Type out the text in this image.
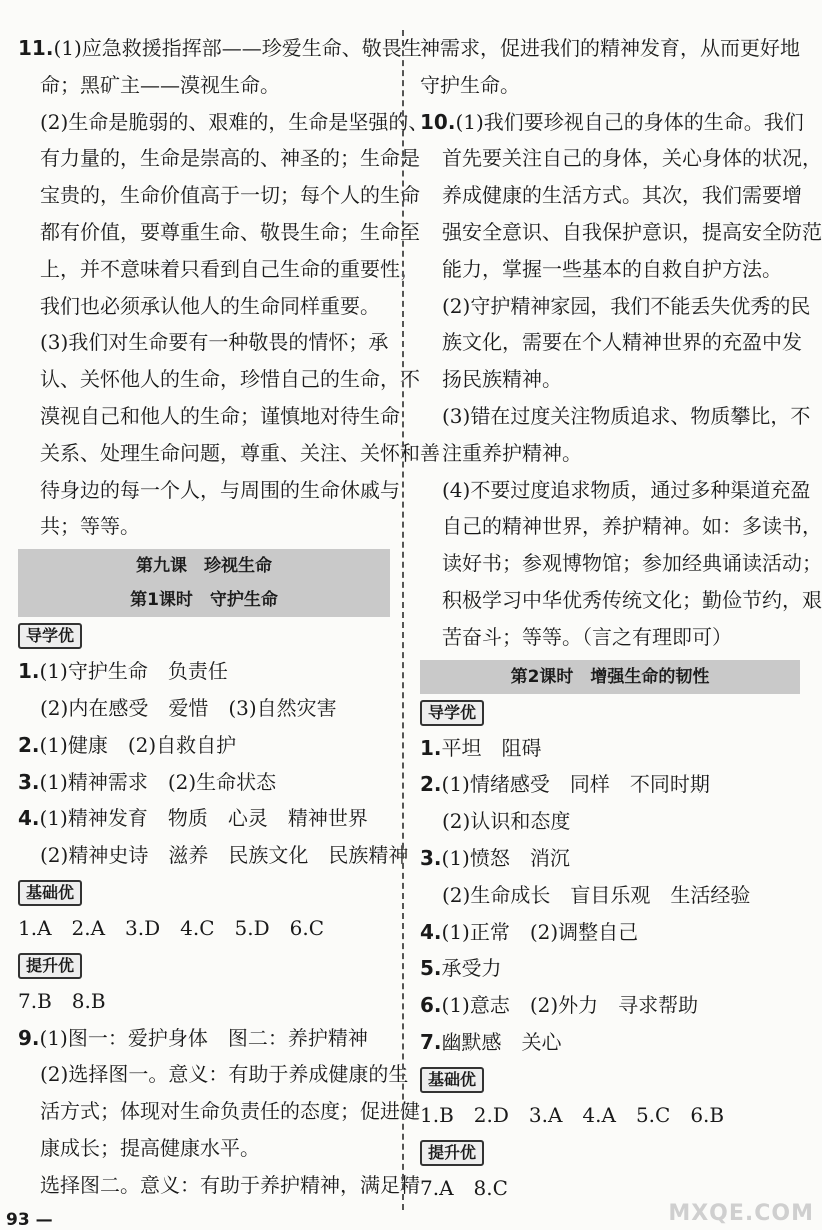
11.(1)应急救援指挥部——珍爱生命、敬畏生
命；黑矿主——漠视生命。
(2)生命是脆弱的、艰难的，生命是坚强的、
有力量的，生命是崇高的、神圣的；生命是
宝贵的，生命价值高于一切；每个人的生命
都有价值，要尊重生命、敬畏生命；生命至
上，并不意味着只看到自己生命的重要性，
我们也必须承认他人的生命同样重要。
(3)我们对生命要有一种敬畏的情怀；承
认、关怀他人的生命，珍惜自己的生命，不
漠视自己和他人的生命；谨慎地对待生命
关系、处理生命问题，尊重、关注、关怀和善
待身边的每一个人，与周围的生命休戚与
共；等等。
第九课　珍视生命
第1课时　守护生命
导学优
1.(1)守护生命　负责任
(2)内在感受　爱惜　(3)自然灾害
2.(1)健康　(2)自救自护
3.(1)精神需求　(2)生命状态
4.(1)精神发育　物质　心灵　精神世界
(2)精神史诗　滋养　民族文化　民族精神
基础优
1.A　2.A　3.D　4.C　5.D　6.C
提升优
7.B　8.B
9.(1)图一：爱护身体　图二：养护精神
(2)选择图一。意义：有助于养成健康的生
活方式；体现对生命负责任的态度；促进健
康成长；提高健康水平。
选择图二。意义：有助于养护精神，满足精
神需求，促进我们的精神发育，从而更好地
守护生命。
10.(1)我们要珍视自己的身体的生命。我们
首先要关注自己的身体，关心身体的状况，
养成健康的生活方式。其次，我们需要增
强安全意识、自我保护意识，提高安全防范
能力，掌握一些基本的自救自护方法。
(2)守护精神家园，我们不能丢失优秀的民
族文化，需要在个人精神世界的充盈中发
扬民族精神。
(3)错在过度关注物质追求、物质攀比，不
注重养护精神。
(4)不要过度追求物质，通过多种渠道充盈
自己的精神世界，养护精神。如：多读书，
读好书；参观博物馆；参加经典诵读活动；
积极学习中华优秀传统文化；勤俭节约，艰
苦奋斗；等等。（言之有理即可）
第2课时　增强生命的韧性
导学优
1.平坦　阻碍
2.(1)情绪感受　同样　不同时期
(2)认识和态度
3.(1)愤怒　消沉
(2)生命成长　盲目乐观　生活经验
4.(1)正常　(2)调整自己
5.承受力
6.(1)意志　(2)外力　寻求帮助
7.幽默感　关心
基础优
1.B　2.D　3.A　4.A　5.C　6.B
提升优
7.A　8.C
93 —	MXQE.COM
